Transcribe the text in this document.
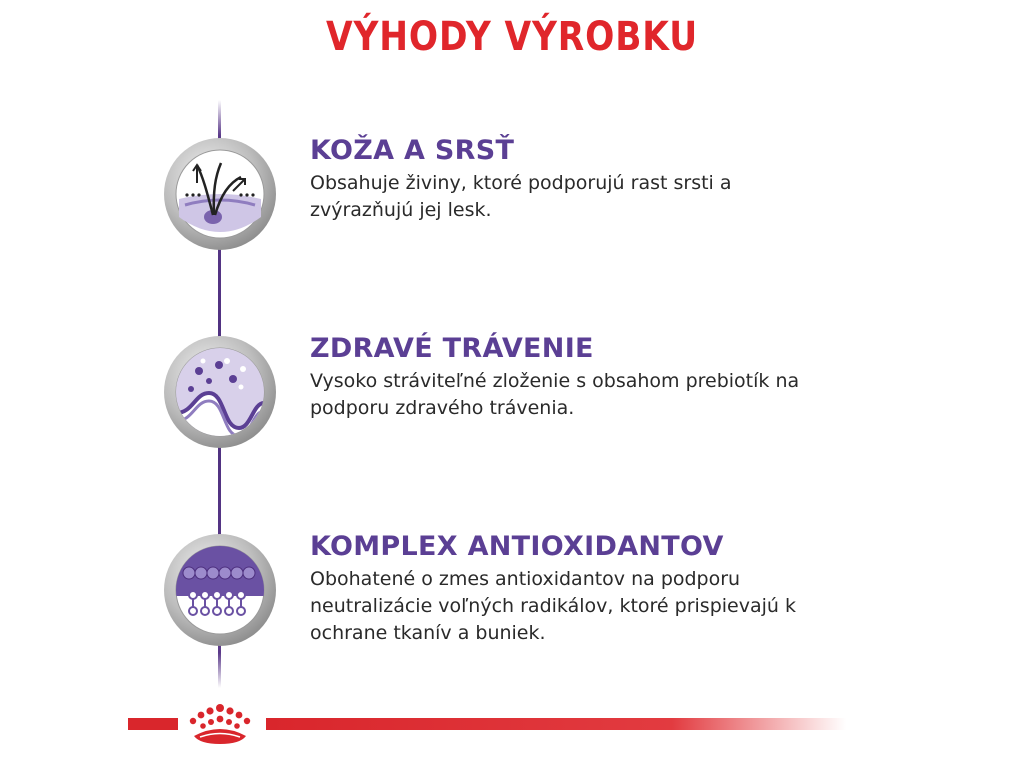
VÝHODY VÝROBKU
KOŽA A SRSŤ

Obsahuje živiny, ktoré podporujú rast srsti a zvýrazňujú jej lesk.

ZDRAVÉ TRÁVENIE

Vysoko stráviteľné zloženie s obsahom prebiotík na podporu zdravého trávenia.

KOMPLEX ANTIOXIDANTOV

Obohatené o zmes antioxidantov na podporu neutralizácie voľných radikálov, ktoré prispievajú k ochrane tkanív a buniek.
